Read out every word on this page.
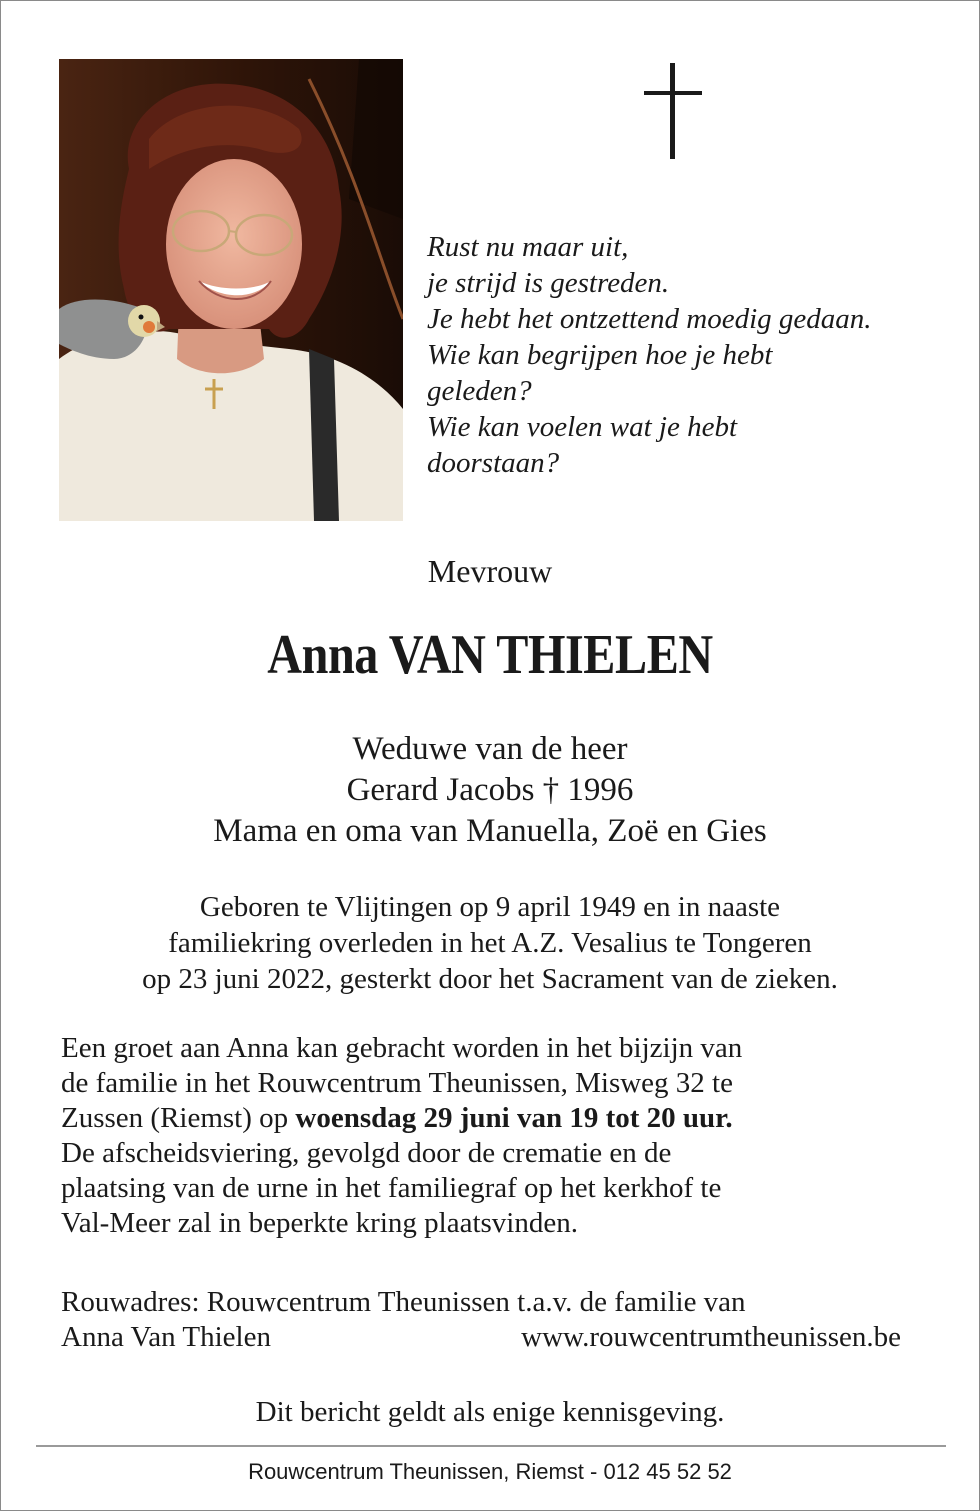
Rust nu maar uit,
je strijd is gestreden.
Je hebt het ontzettend moedig gedaan.
Wie kan begrijpen hoe je hebt
geleden?
Wie kan voelen wat je hebt
doorstaan?
Mevrouw
Anna VAN THIELEN
Weduwe van de heer
Gerard Jacobs † 1996
Mama en oma van Manuella, Zoë en Gies
Geboren te Vlijtingen op 9 april 1949 en in naaste
familiekring overleden in het A.Z. Vesalius te Tongeren
op 23 juni 2022, gesterkt door het Sacrament van de zieken.
Een groet aan Anna kan gebracht worden in het bijzijn van
de familie in het Rouwcentrum Theunissen, Misweg 32 te
Zussen (Riemst) op woensdag 29 juni van 19 tot 20 uur.
De afscheidsviering, gevolgd door de crematie en de
plaatsing van de urne in het familiegraf op het kerkhof te
Val-Meer zal in beperkte kring plaatsvinden.
Rouwadres: Rouwcentrum Theunissen t.a.v. de familie van
Anna Van Thielen	www.rouwcentrumtheunissen.be
Dit bericht geldt als enige kennisgeving.
Rouwcentrum Theunissen, Riemst - 012 45 52 52
